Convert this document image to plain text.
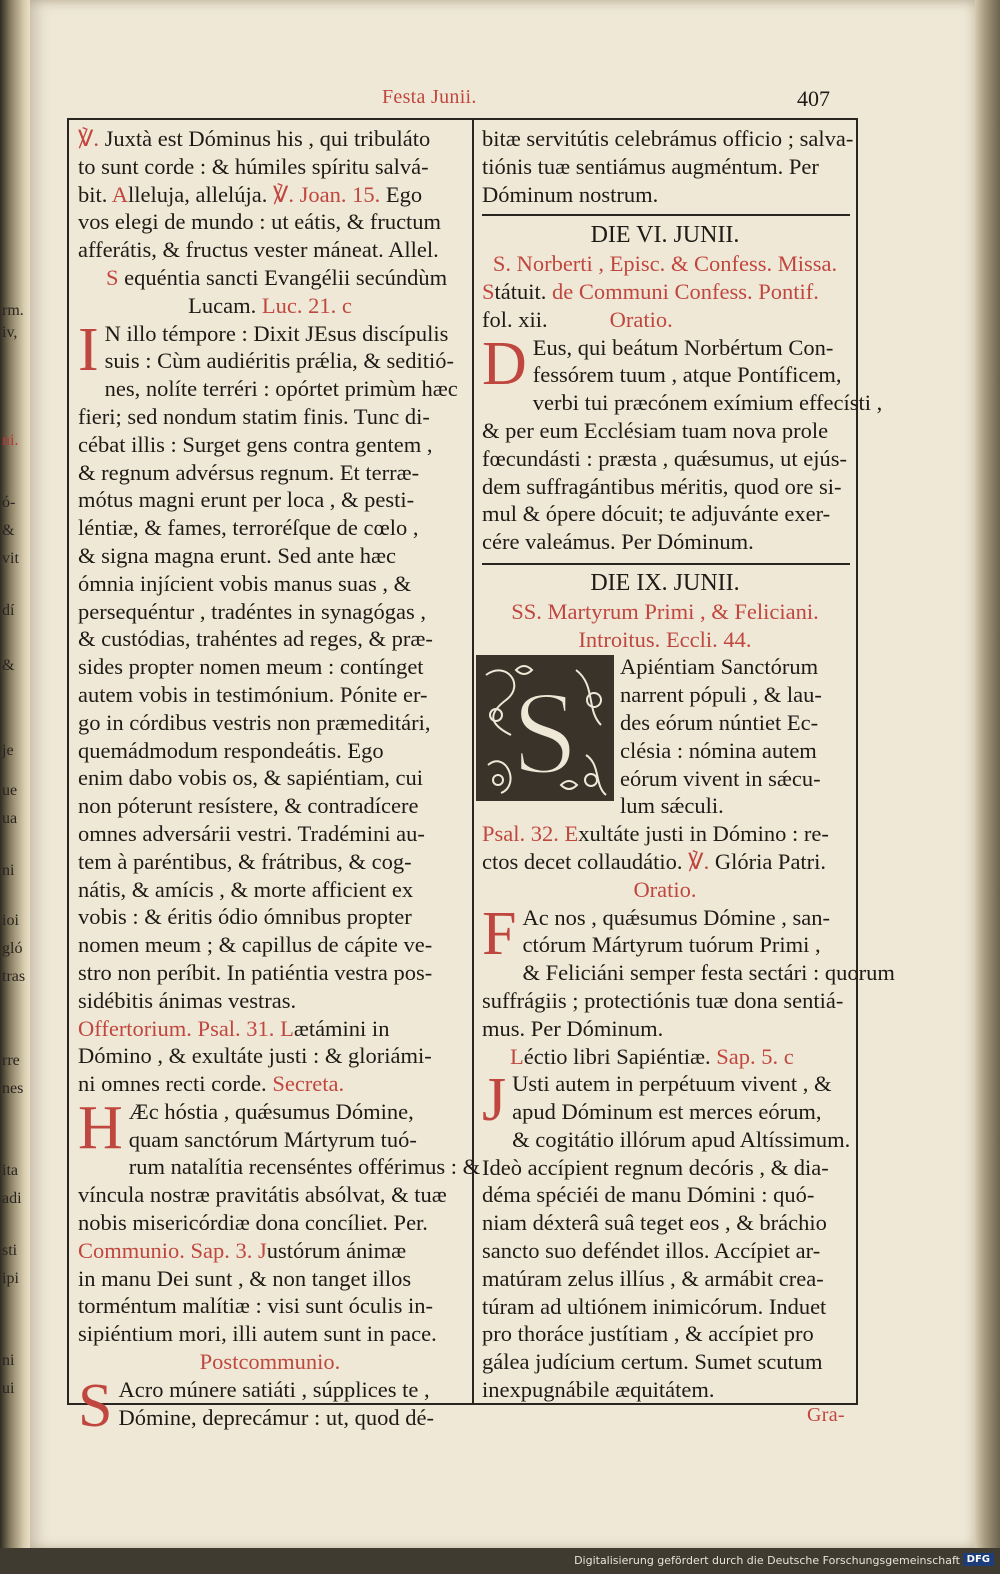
rm.
iv,
ni.
ó-
&
vit
dí
&
je
ue
ua
ni
ioi
gló
tras
rre
nes
ita
adi
sti
ipi
ni
ui
Festa Junii.	407
℣. Juxtà est Dóminus his , qui tribuláto
to sunt corde : & húmiles spíritu salvá-
bit. Alleluja, allelúja. ℣. Joan. 15. Ego
vos elegi de mundo : ut eátis, & fructum
afferátis, & fructus vester máneat. Allel.
S equéntia sancti Evangélii secúndùm
Lucam. Luc. 21. c
I N illo témpore : Dixit JEsus discípulis
suis : Cùm audiéritis prǽlia, & seditió-
nes, nolíte terréri : opórtet primùm hæc
fieri; sed nondum statim finis. Tunc di-
cébat illis : Surget gens contra gentem ,
& regnum advérsus regnum. Et terræ-
mótus magni erunt per loca , & pesti-
léntiæ, & fames, terroréſque de cœlo ,
& signa magna erunt. Sed ante hæc
ómnia injícient vobis manus suas , &
persequéntur , tradéntes in synagógas ,
& custódias, trahéntes ad reges, & præ-
sides propter nomen meum : contínget
autem vobis in testimónium. Pónite er-
go in córdibus vestris non præmeditári,
quemádmodum respondeátis. Ego
enim dabo vobis os, & sapiéntiam, cui
non póterunt resístere, & contradícere
omnes adversárii vestri. Tradémini au-
tem à paréntibus, & frátribus, & cog-
nátis, & amícis , & morte afficient ex
vobis : & éritis ódio ómnibus propter
nomen meum ; & capillus de cápite ve-
stro non períbit. In patiéntia vestra pos-
sidébitis ánimas vestras.
Offertorium. Psal. 31. Lætámini in
Dómino , & exultáte justi : & gloriámi-
ni omnes recti corde. Secreta.
H Æc hóstia , quǽsumus Dómine,
quam sanctórum Mártyrum tuó-
rum natalítia recenséntes offérimus : &
víncula nostræ pravitátis absólvat, & tuæ
nobis misericórdiæ dona concíliet. Per.
Communio. Sap. 3. Justórum ánimæ
in manu Dei sunt , & non tanget illos
torméntum malítiæ : visi sunt óculis in-
sipiéntium mori, illi autem sunt in pace.
Postcommunio.
S Acro múnere satiáti , súpplices te ,
Dómine, deprecámur : ut, quod dé-
bitæ servitútis celebrámus officio ; salva-
tiónis tuæ sentiámus augméntum. Per
Dóminum nostrum.
DIE VI. JUNII.
S. Norberti , Episc. & Confess. Missa.
Státuit. de Communi Confess. Pontif.
fol. xii.	Oratio.
D Eus, qui beátum Norbértum Con-
fessórem tuum , atque Pontíficem,
verbi tui præcónem exímium effecísti ,
& per eum Ecclésiam tuam nova prole
fœcundásti : præsta , quǽsumus, ut ejús-
dem suffragántibus méritis, quod ore si-
mul & ópere dócuit; te adjuvánte exer-
cére valeámus. Per Dóminum.
DIE IX. JUNII.
SS. Martyrum Primi , & Feliciani.
Introitus. Eccli. 44.
S	Apiéntiam Sanctórum
narrent pópuli , & lau-
des eórum núntiet Ec-
clésia : nómina autem
eórum vivent in sǽcu-
lum sǽculi.
Psal. 32. Exultáte justi in Dómino : re-
ctos decet collaudátio. ℣. Glória Patri.
Oratio.
F Ac nos , quǽsumus Dómine , san-
ctórum Mártyrum tuórum Primi ,
& Feliciáni semper festa sectári : quorum
suffrágiis ; protectiónis tuæ dona sentiá-
mus. Per Dóminum.
Léctio libri Sapiéntiæ. Sap. 5. c
J Usti autem in perpétuum vivent , &
apud Dóminum est merces eórum,
& cogitátio illórum apud Altíssimum.
Ideò accípient regnum decóris , & dia-
déma spéciéi de manu Dómini : quó-
niam déxterâ suâ teget eos , & bráchio
sancto suo deféndet illos. Accípiet ar-
matúram zelus illíus , & armábit crea-
túram ad ultiónem inimicórum. Induet
pro thoráce justítiam , & accípiet pro
gálea judícium certum. Sumet scutum
inexpugnábile æquitátem.
Gra-
Digitalisierung gefördert durch die Deutsche Forschungsgemeinschaft DFG
